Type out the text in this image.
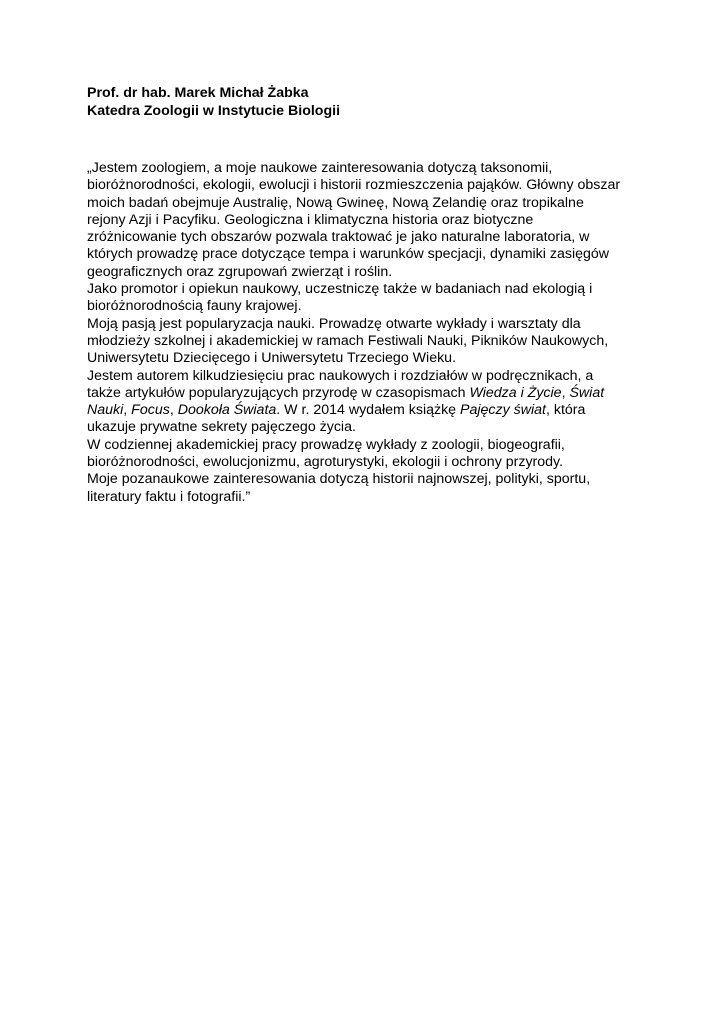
Prof. dr hab. Marek Michał Żabka

Katedra Zoologii w Instytucie Biologii

„Jestem zoologiem, a moje naukowe zainteresowania dotyczą taksonomii,
bioróżnorodności, ekologii, ewolucji i historii rozmieszczenia pająków. Główny obszar
moich badań obejmuje Australię, Nową Gwineę, Nową Zelandię oraz tropikalne
rejony Azji i Pacyfiku. Geologiczna i klimatyczna historia oraz biotyczne
zróżnicowanie tych obszarów pozwala traktować je jako naturalne laboratoria, w
których prowadzę prace dotyczące tempa i warunków specjacji, dynamiki zasięgów
geograficznych oraz zgrupowań zwierząt i roślin.
Jako promotor i opiekun naukowy, uczestniczę także w badaniach nad ekologią i
bioróżnorodnością fauny krajowej.
Moją pasją jest popularyzacja nauki. Prowadzę otwarte wykłady i warsztaty dla
młodzieży szkolnej i akademickiej w ramach Festiwali Nauki, Pikników Naukowych,
Uniwersytetu Dziecięcego i Uniwersytetu Trzeciego Wieku.
Jestem autorem kilkudziesięciu prac naukowych i rozdziałów w podręcznikach, a
także artykułów popularyzujących przyrodę w czasopismach Wiedza i Życie, Świat
Nauki, Focus, Dookoła Świata. W r. 2014 wydałem książkę Pajęczy świat, która
ukazuje prywatne sekrety pajęczego życia.
W codziennej akademickiej pracy prowadzę wykłady z zoologii, biogeografii,
bioróżnorodności, ewolucjonizmu, agroturystyki, ekologii i ochrony przyrody.
Moje pozanaukowe zainteresowania dotyczą historii najnowszej, polityki, sportu,
literatury faktu i fotografii.”
